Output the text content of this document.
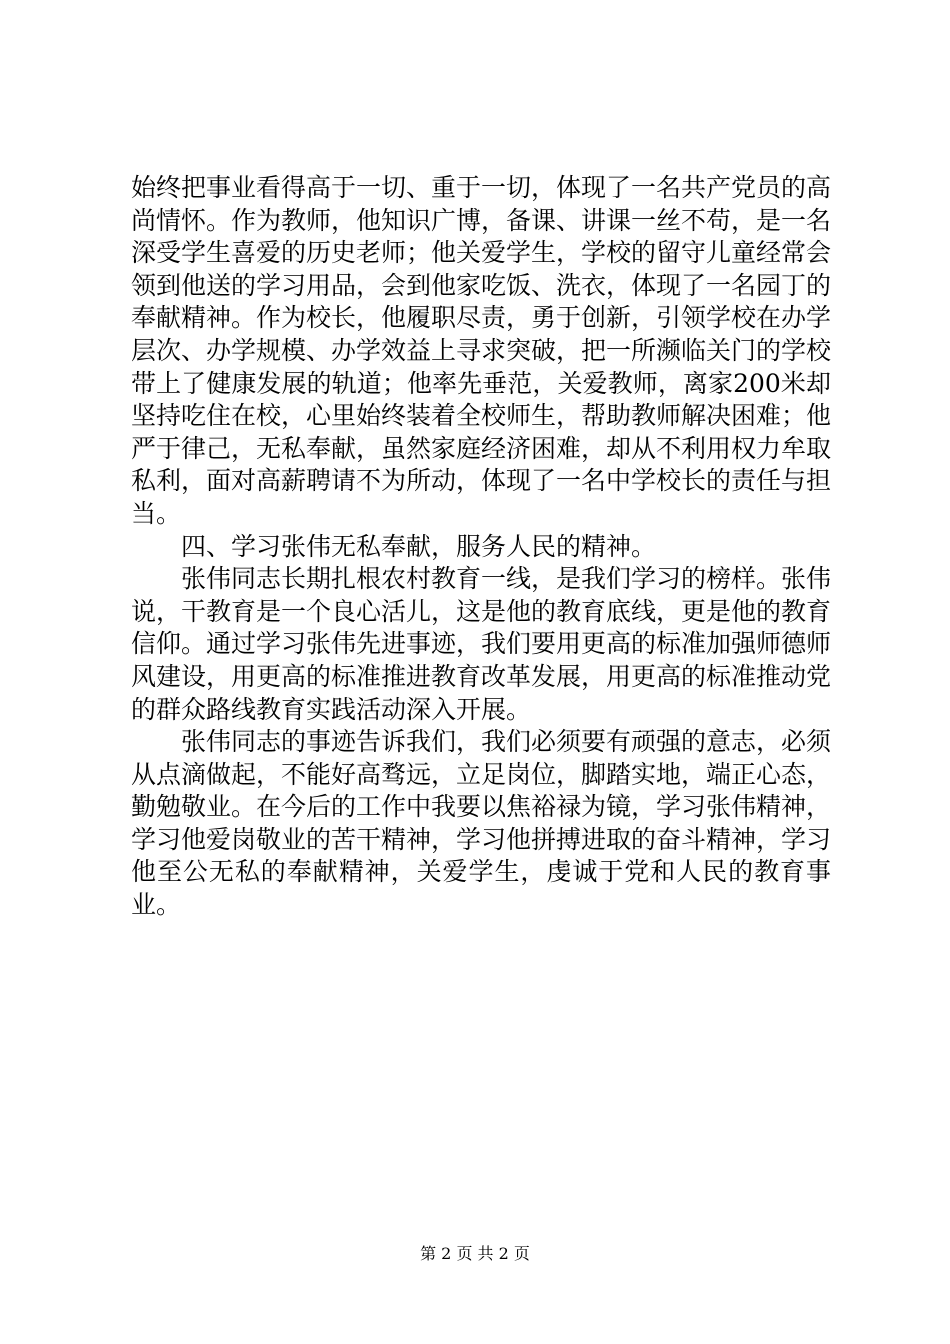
始终把事业看得高于一切、重于一切，体现了一名共产党员的高尚情怀。作为教师，他知识广博，备课、讲课一丝不苟，是一名深受学生喜爱的历史老师；他关爱学生，学校的留守儿童经常会领到他送的学习用品，会到他家吃饭、洗衣，体现了一名园丁的奉献精神。作为校长，他履职尽责，勇于创新，引领学校在办学层次、办学规模、办学效益上寻求突破，把一所濒临关门的学校带上了健康发展的轨道；他率先垂范，关爱教师，离家200米却坚持吃住在校，心里始终装着全校师生，帮助教师解决困难；他严于律己，无私奉献，虽然家庭经济困难，却从不利用权力牟取私利，面对高薪聘请不为所动，体现了一名中学校长的责任与担当。

四、学习张伟无私奉献，服务人民的精神。

张伟同志长期扎根农村教育一线，是我们学习的榜样。张伟说，干教育是一个良心活儿，这是他的教育底线，更是他的教育信仰。通过学习张伟先进事迹，我们要用更高的标准加强师德师风建设，用更高的标准推进教育改革发展，用更高的标准推动党的群众路线教育实践活动深入开展。

张伟同志的事迹告诉我们，我们必须要有顽强的意志，必须从点滴做起，不能好高骛远，立足岗位，脚踏实地，端正心态，勤勉敬业。在今后的工作中我要以焦裕禄为镜，学习张伟精神，学习他爱岗敬业的苦干精神，学习他拼搏进取的奋斗精神，学习他至公无私的奉献精神，关爱学生，虔诚于党和人民的教育事业。

第 2 页 共 2 页
